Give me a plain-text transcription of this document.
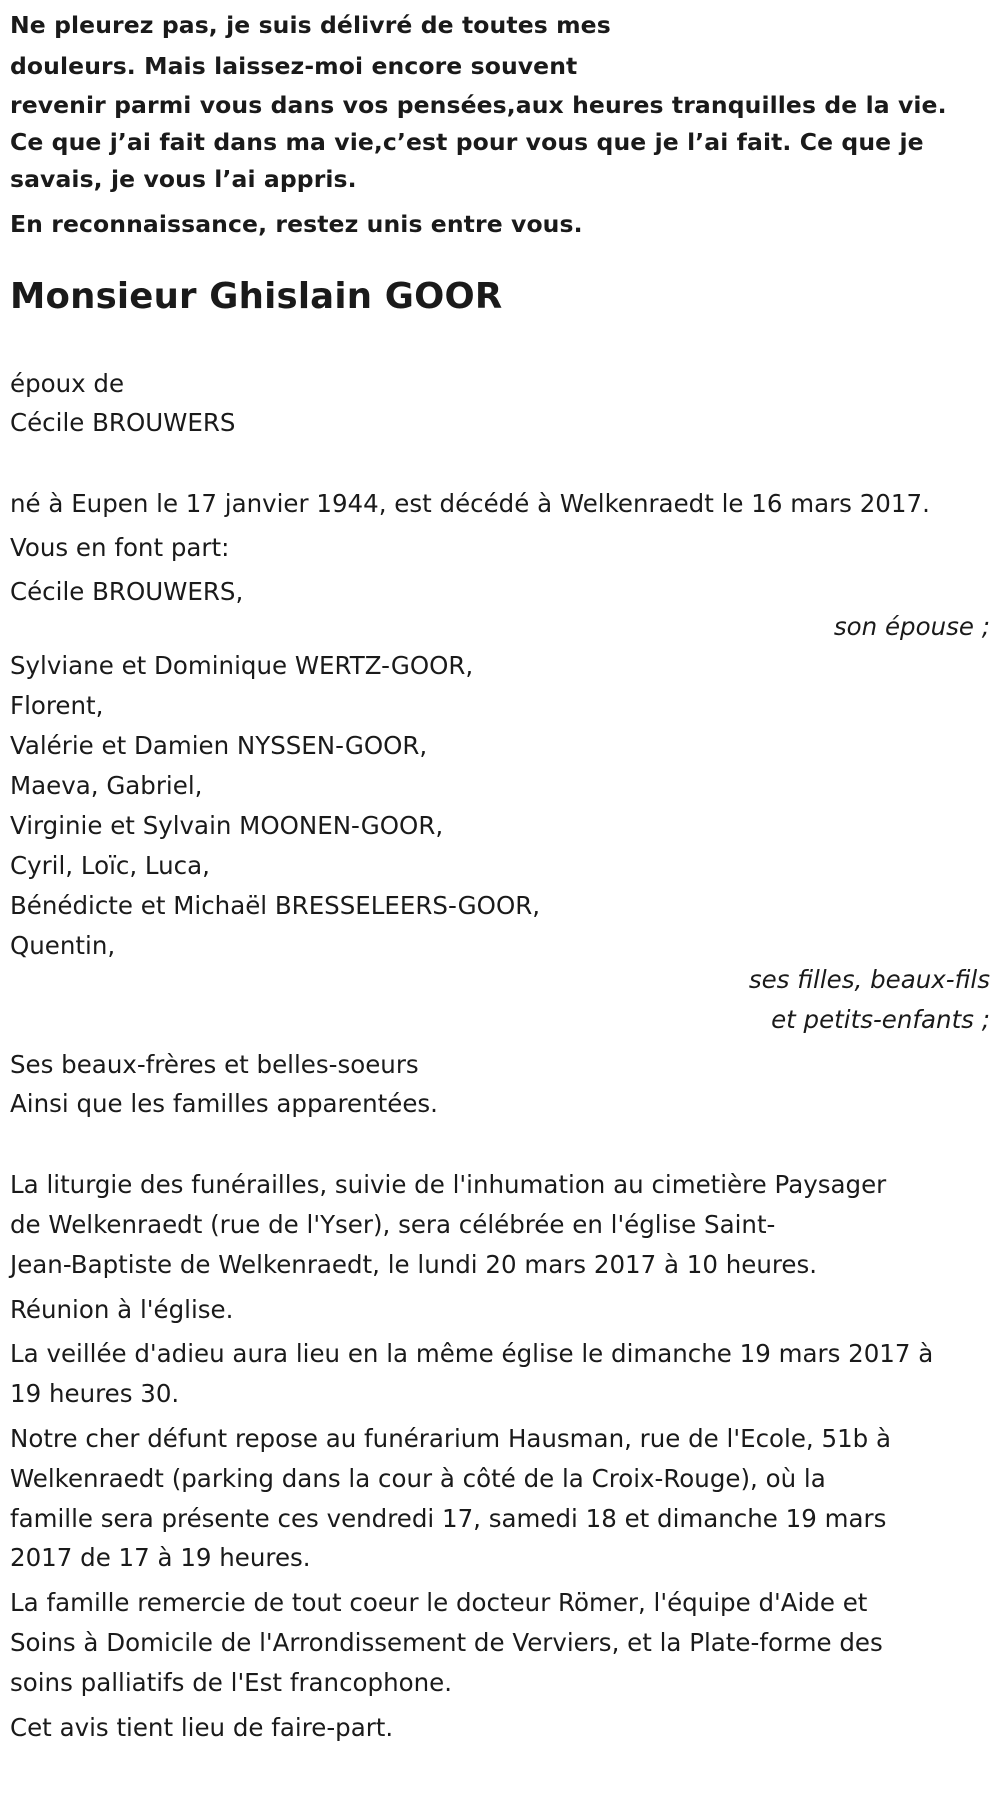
Ne pleurez pas, je suis délivré de toutes mes
douleurs. Mais laissez-moi encore souvent
revenir parmi vous dans vos pensées,aux heures tranquilles de la vie.
Ce que j’ai fait dans ma vie,c’est pour vous que je l’ai fait. Ce que je
savais, je vous l’ai appris.
En reconnaissance, restez unis entre vous.
Monsieur Ghislain GOOR
époux de
Cécile BROUWERS
né à Eupen le 17 janvier 1944, est décédé à Welkenraedt le 16 mars 2017.
Vous en font part:
Cécile BROUWERS,
son épouse ;
Sylviane et Dominique WERTZ-GOOR,
Florent,
Valérie et Damien NYSSEN-GOOR,
Maeva, Gabriel,
Virginie et Sylvain MOONEN-GOOR,
Cyril, Loïc, Luca,
Bénédicte et Michaël BRESSELEERS-GOOR,
Quentin,
ses filles, beaux-fils
et petits-enfants ;
Ses beaux-frères et belles-soeurs
Ainsi que les familles apparentées.
La liturgie des funérailles, suivie de l'inhumation au cimetière Paysager
de Welkenraedt (rue de l'Yser), sera célébrée en l'église Saint-
Jean-Baptiste de Welkenraedt, le lundi 20 mars 2017 à 10 heures.
Réunion à l'église.
La veillée d'adieu aura lieu en la même église le dimanche 19 mars 2017 à
19 heures 30.
Notre cher défunt repose au funérarium Hausman, rue de l'Ecole, 51b à
Welkenraedt (parking dans la cour à côté de la Croix-Rouge), où la
famille sera présente ces vendredi 17, samedi 18 et dimanche 19 mars
2017 de 17 à 19 heures.
La famille remercie de tout coeur le docteur Römer, l'équipe d'Aide et
Soins à Domicile de l'Arrondissement de Verviers, et la Plate-forme des
soins palliatifs de l'Est francophone.
Cet avis tient lieu de faire-part.
